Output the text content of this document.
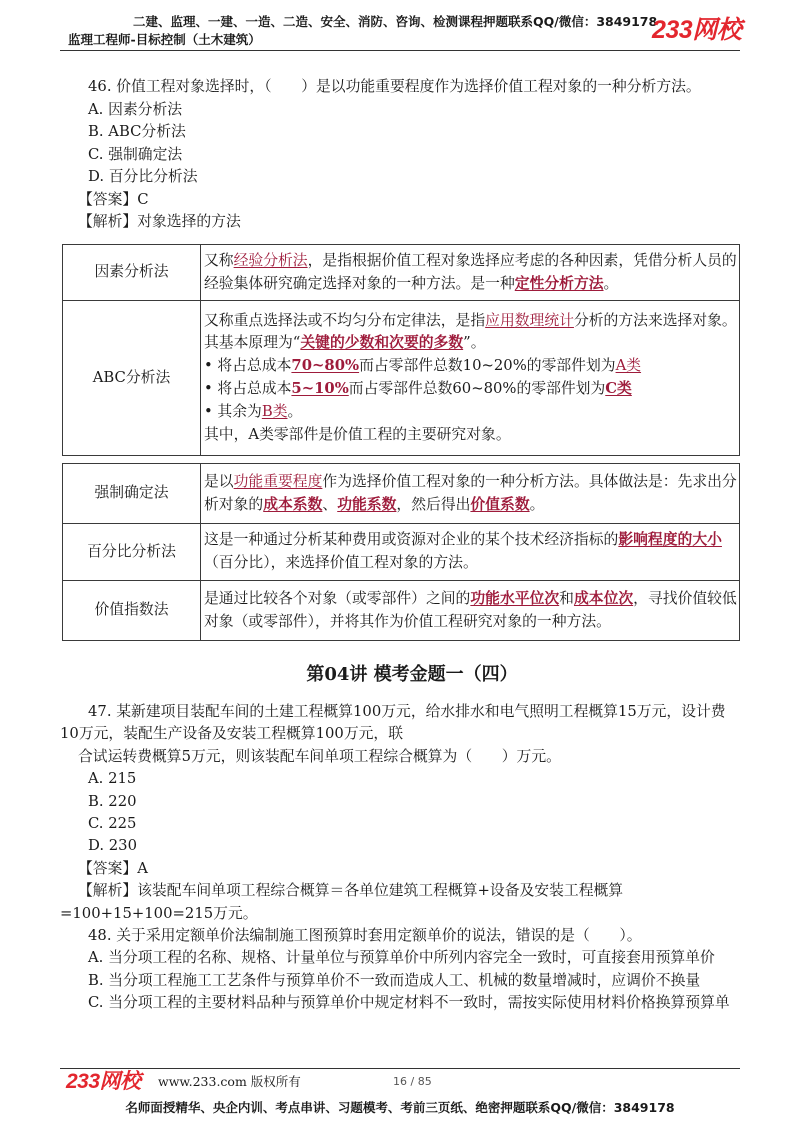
二建、监理、一建、一造、二造、安全、消防、咨询、检测课程押题联系QQ/微信：3849178
监理工程师-目标控制（土木建筑）	233网校
46. 价值工程对象选择时，（　　）是以功能重要程度作为选择价值工程对象的一种分析方法。
A. 因素分析法
B. ABC分析法
C. 强制确定法
D. 百分比分析法
【答案】C
【解析】对象选择的方法
因素分析法	又称经验分析法，是指根据价值工程对象选择应考虑的各种因素，凭借分析人员的经验集体研究确定选择对象的一种方法。是一种定性分析方法。

ABC分析法	又称重点选择法或不均匀分布定律法，是指应用数理统计分析的方法来选择对象。其基本原理为“关键的少数和次要的多数”。
• 将占总成本70~80%而占零部件总数10~20%的零部件划为A类
• 将占总成本5~10%而占零部件总数60~80%的零部件划为C类
• 其余为B类。
其中，A类零部件是价值工程的主要研究对象。
强制确定法	是以功能重要程度作为选择价值工程对象的一种分析方法。具体做法是：先求出分析对象的成本系数、功能系数，然后得出价值系数。

百分比分析法	这是一种通过分析某种费用或资源对企业的某个技术经济指标的影响程度的大小（百分比），来选择价值工程对象的方法。

价值指数法	是通过比较各个对象（或零部件）之间的功能水平位次和成本位次，寻找价值较低对象（或零部件），并将其作为价值工程研究对象的一种方法。
第04讲 模考金题一（四）
47. 某新建项目装配车间的土建工程概算100万元，给水排水和电气照明工程概算15万元，设计费10万元，装配生产设备及安装工程概算100万元，联
合试运转费概算5万元，则该装配车间单项工程综合概算为（　　）万元。
A. 215
B. 220
C. 225
D. 230
【答案】A
【解析】该装配车间单项工程综合概算＝各单位建筑工程概算+设备及安装工程概算
=100+15+100=215万元。
48. 关于采用定额单价法编制施工图预算时套用定额单价的说法，错误的是（　　）。
A. 当分项工程的名称、规格、计量单位与预算单价中所列内容完全一致时，可直接套用预算单价
B. 当分项工程施工工艺条件与预算单价不一致而造成人工、机械的数量增减时，应调价不换量
C. 当分项工程的主要材料品种与预算单价中规定材料不一致时，需按实际使用材料价格换算预算单
233网校 www.233.com 版权所有	16 / 85
名师面授精华、央企内训、考点串讲、习题模考、考前三页纸、绝密押题联系QQ/微信：3849178
